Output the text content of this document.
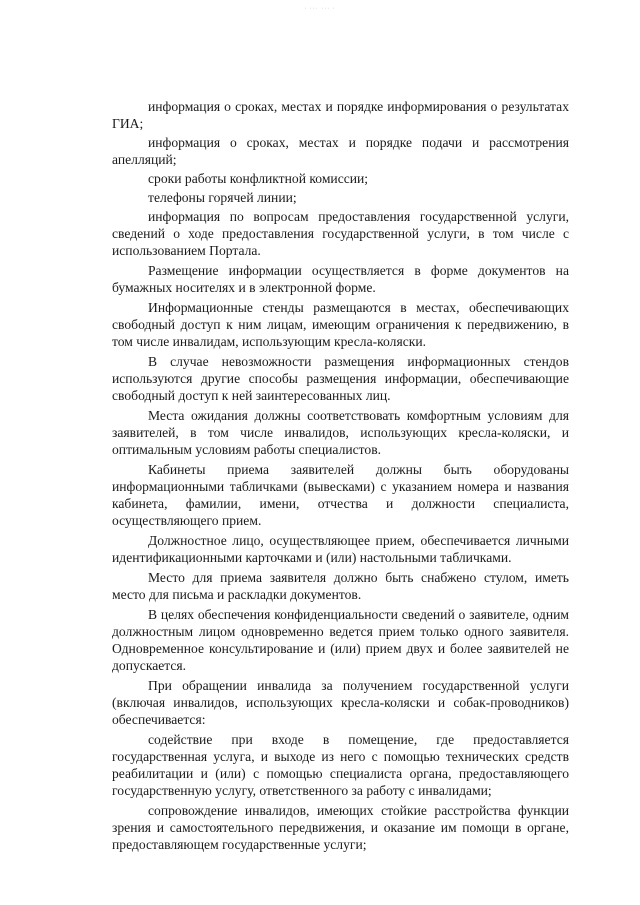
· ··· ··· ·

информация о сроках, местах и порядке информирования о результатах ГИА;

информация о сроках, местах и порядке подачи и рассмотрения апелляций;

сроки работы конфликтной комиссии;

телефоны горячей линии;

информация по вопросам предоставления государственной услуги, сведений о ходе предоставления государственной услуги, в том числе с использованием Портала.

Размещение информации осуществляется в форме документов на бумажных носителях и в электронной форме.

Информационные стенды размещаются в местах, обеспечивающих свободный доступ к ним лицам, имеющим ограничения к передвижению, в том числе инвалидам, использующим кресла-коляски.

В случае невозможности размещения информационных стендов используются другие способы размещения информации, обеспечивающие свободный доступ к ней заинтересованных лиц.

Места ожидания должны соответствовать комфортным условиям для заявителей, в том числе инвалидов, использующих кресла-коляски, и оптимальным условиям работы специалистов.

Кабинеты приема заявителей должны быть оборудованы информационными табличками (вывесками) с указанием номера и названия кабинета, фамилии, имени, отчества и должности специалиста, осуществляющего прием.

Должностное лицо, осуществляющее прием, обеспечивается личными идентификационными карточками и (или) настольными табличками.

Место для приема заявителя должно быть снабжено стулом, иметь место для письма и раскладки документов.

В целях обеспечения конфиденциальности сведений о заявителе, одним должностным лицом одновременно ведется прием только одного заявителя. Одновременное консультирование и (или) прием двух и более заявителей не допускается.

При обращении инвалида за получением государственной услуги (включая инвалидов, использующих кресла-коляски и собак-проводников) обеспечивается:

содействие при входе в помещение, где предоставляется государственная услуга, и выходе из него с помощью технических средств реабилитации и (или) с помощью специалиста органа, предоставляющего государственную услугу, ответственного за работу с инвалидами;

сопровождение инвалидов, имеющих стойкие расстройства функции зрения и самостоятельного передвижения, и оказание им помощи в органе, предоставляющем государственные услуги;
